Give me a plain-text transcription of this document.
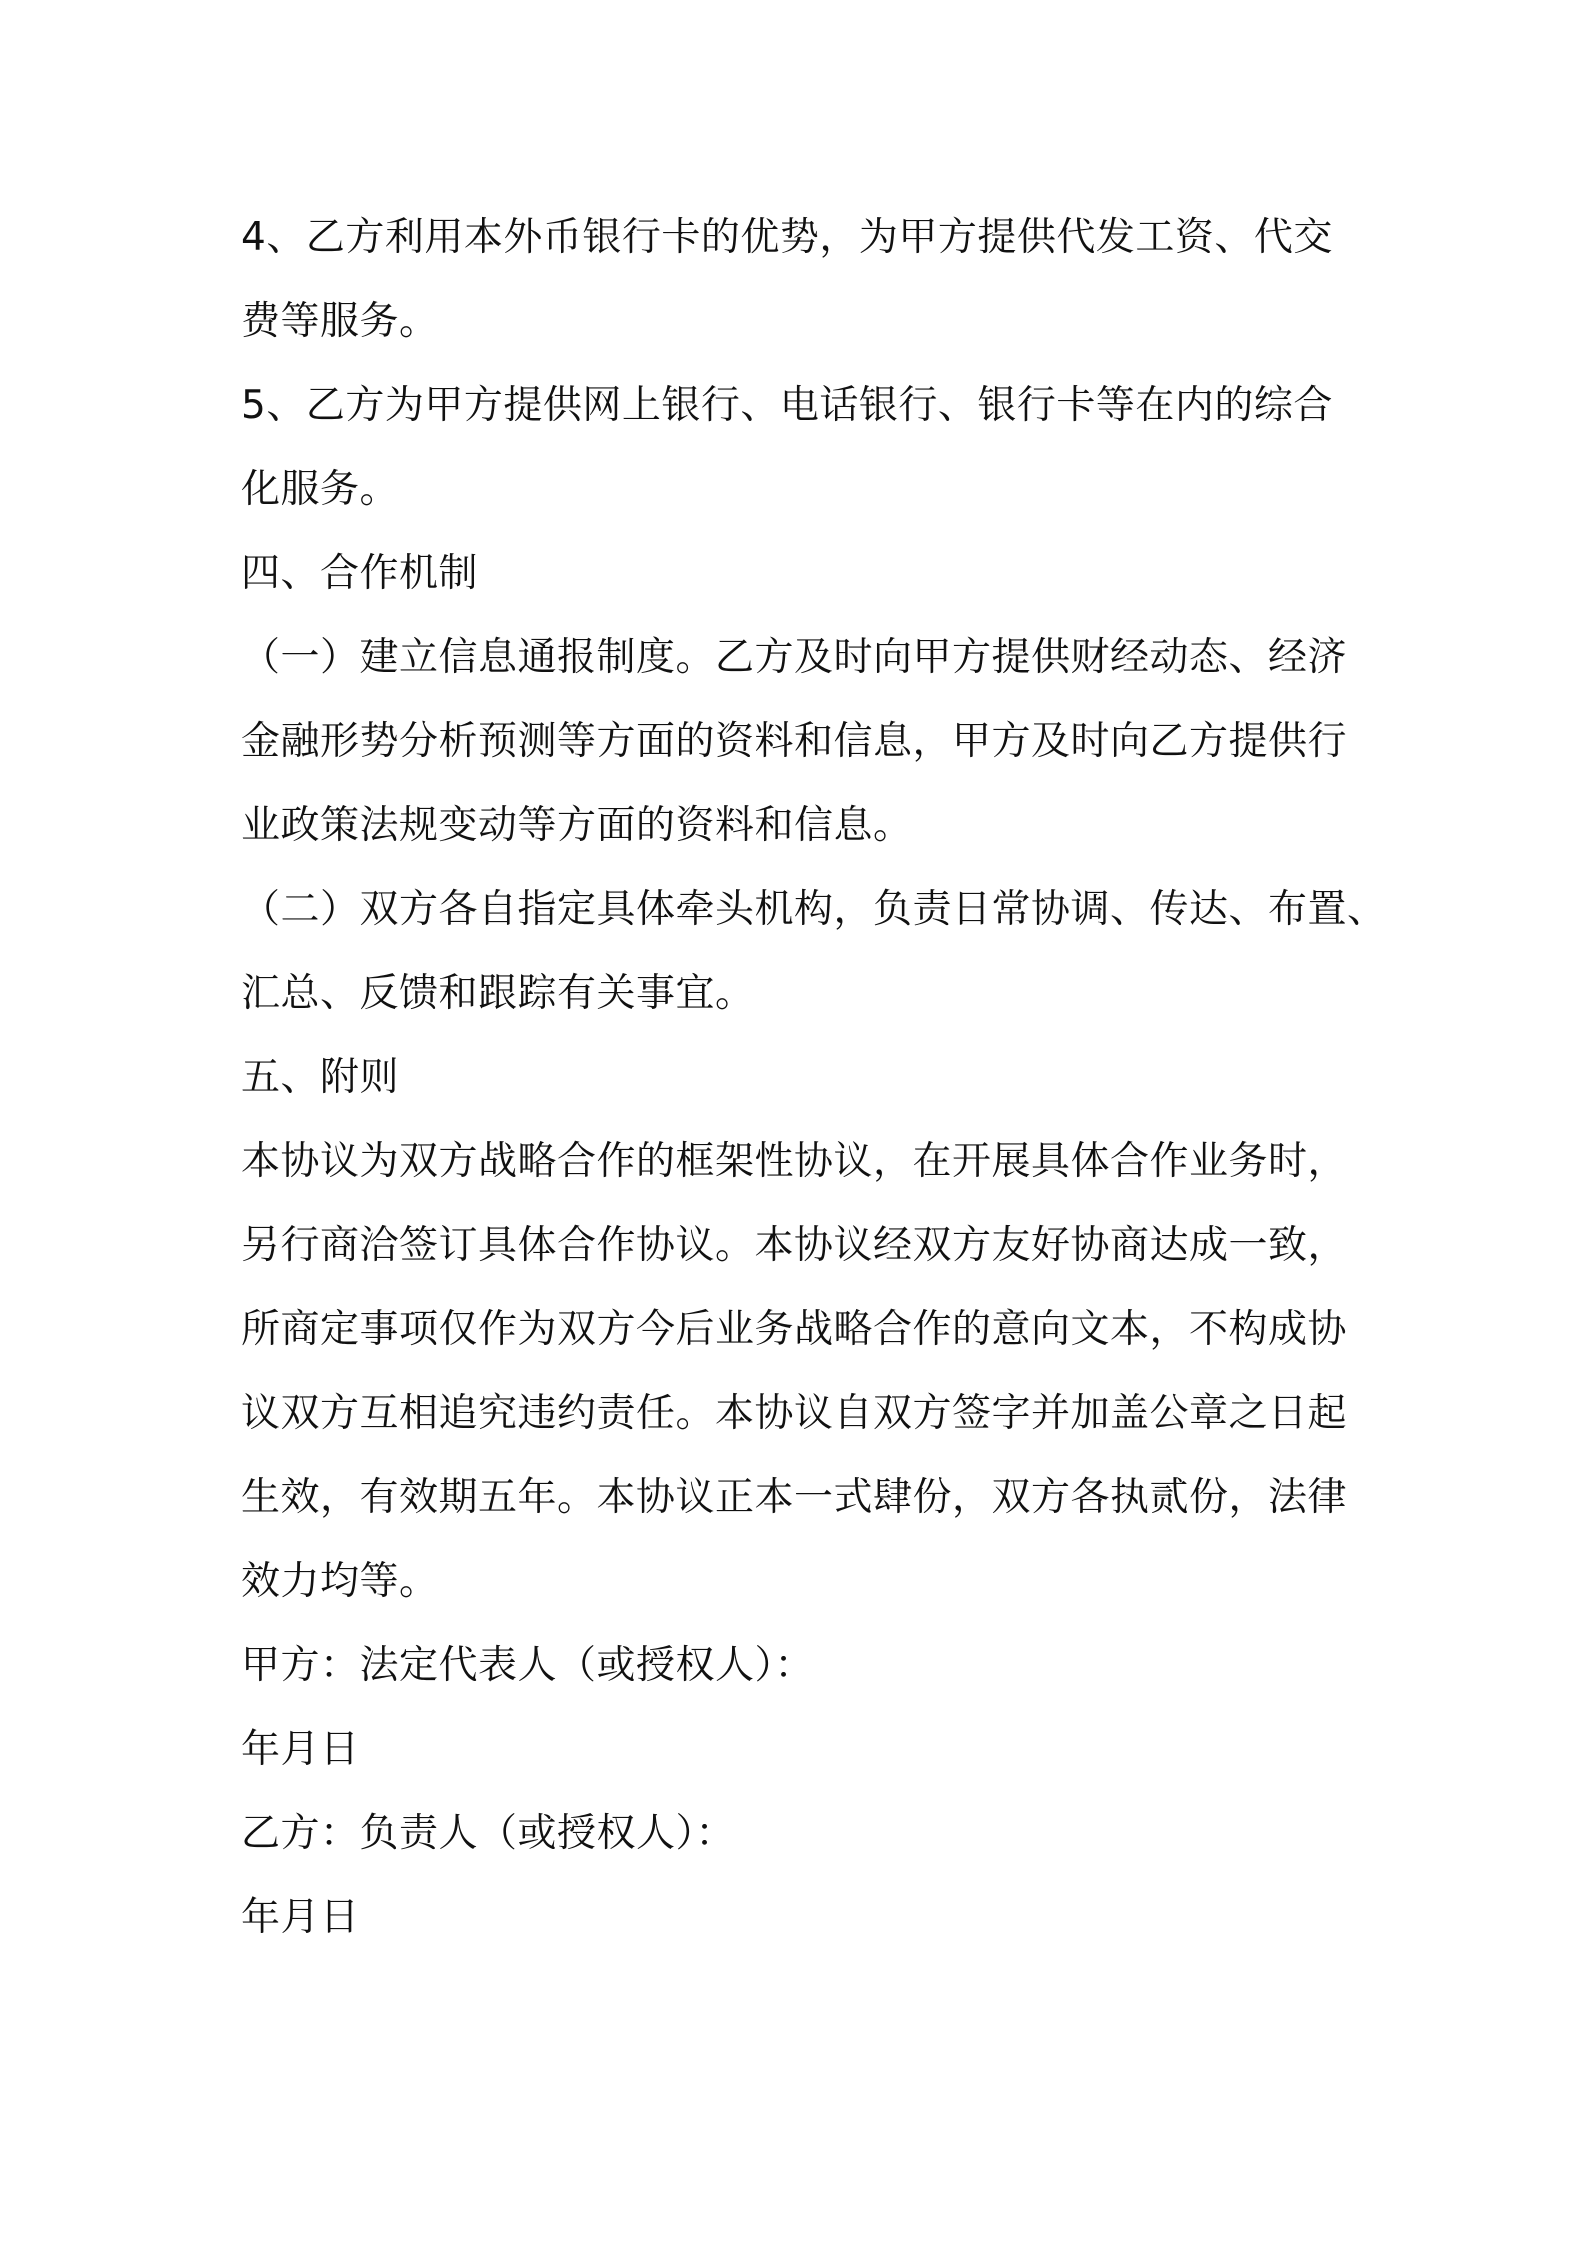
4、乙方利用本外币银行卡的优势，为甲方提供代发工资、代交
费等服务。
5、乙方为甲方提供网上银行、电话银行、银行卡等在内的综合
化服务。
四、合作机制
（一）建立信息通报制度。乙方及时向甲方提供财经动态、经济
金融形势分析预测等方面的资料和信息，甲方及时向乙方提供行
业政策法规变动等方面的资料和信息。
（二）双方各自指定具体牵头机构，负责日常协调、传达、布置、
汇总、反馈和跟踪有关事宜。
五、附则
本协议为双方战略合作的框架性协议，在开展具体合作业务时，
另行商洽签订具体合作协议。本协议经双方友好协商达成一致，
所商定事项仅作为双方今后业务战略合作的意向文本，不构成协
议双方互相追究违约责任。本协议自双方签字并加盖公章之日起
生效，有效期五年。本协议正本一式肆份，双方各执贰份，法律
效力均等。
甲方：法定代表人（或授权人）：
年月日
乙方：负责人（或授权人）：
年月日
